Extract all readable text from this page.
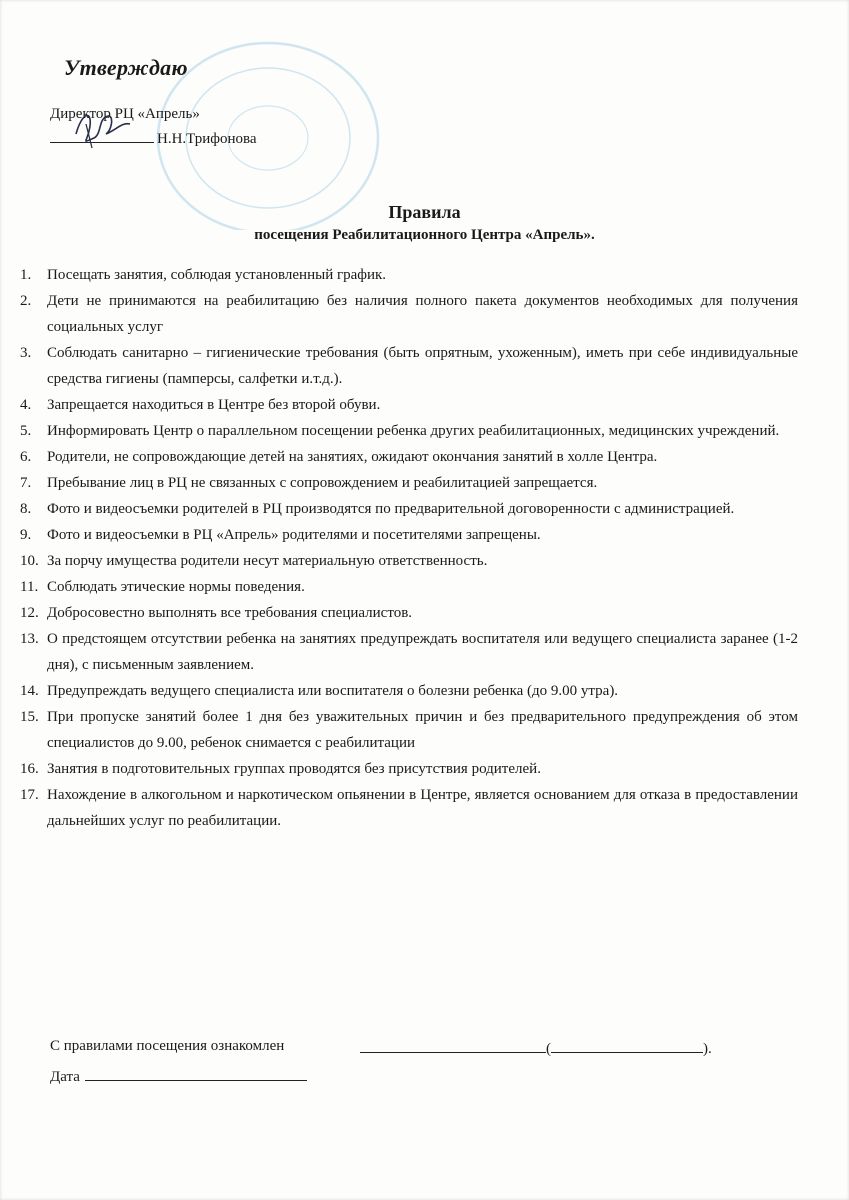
Утверждаю
Директор РЦ «Апрель»
Н.Н.Трифонова
Правила
посещения Реабилитационного Центра «Апрель».
1. Посещать занятия, соблюдая установленный график.
2. Дети не принимаются на реабилитацию без наличия полного пакета документов необходимых для получения социальных услуг
3. Соблюдать санитарно – гигиенические требования (быть опрятным, ухоженным), иметь при себе индивидуальные средства гигиены (памперсы, салфетки и.т.д.).
4. Запрещается находиться в Центре без второй обуви.
5. Информировать Центр о параллельном посещении ребенка других реабилитационных, медицинских учреждений.
6. Родители, не сопровождающие детей на занятиях, ожидают окончания занятий в холле Центра.
7. Пребывание лиц в РЦ не связанных с сопровождением и реабилитацией запрещается.
8. Фото и видеосъемки родителей в РЦ производятся по предварительной договоренности с администрацией.
9. Фото и видеосъемки в РЦ «Апрель» родителями и посетителями запрещены.
10. За порчу имущества родители несут материальную ответственность.
11. Соблюдать этические нормы поведения.
12. Добросовестно выполнять все требования специалистов.
13. О предстоящем отсутствии ребенка на занятиях предупреждать воспитателя или ведущего специалиста заранее (1-2 дня), с письменным заявлением.
14. Предупреждать ведущего специалиста или воспитателя о болезни ребенка (до 9.00 утра).
15. При пропуске занятий более 1 дня без уважительных причин и без предварительного предупреждения об этом специалистов до 9.00, ребенок снимается с реабилитации
16. Занятия в подготовительных группах проводятся без присутствия родителей.
17. Нахождение в алкогольном и наркотическом опьянении в Центре, является основанием для отказа в предоставлении дальнейших услуг по реабилитации.
С правилами посещения ознакомлен	(	).
Дата
